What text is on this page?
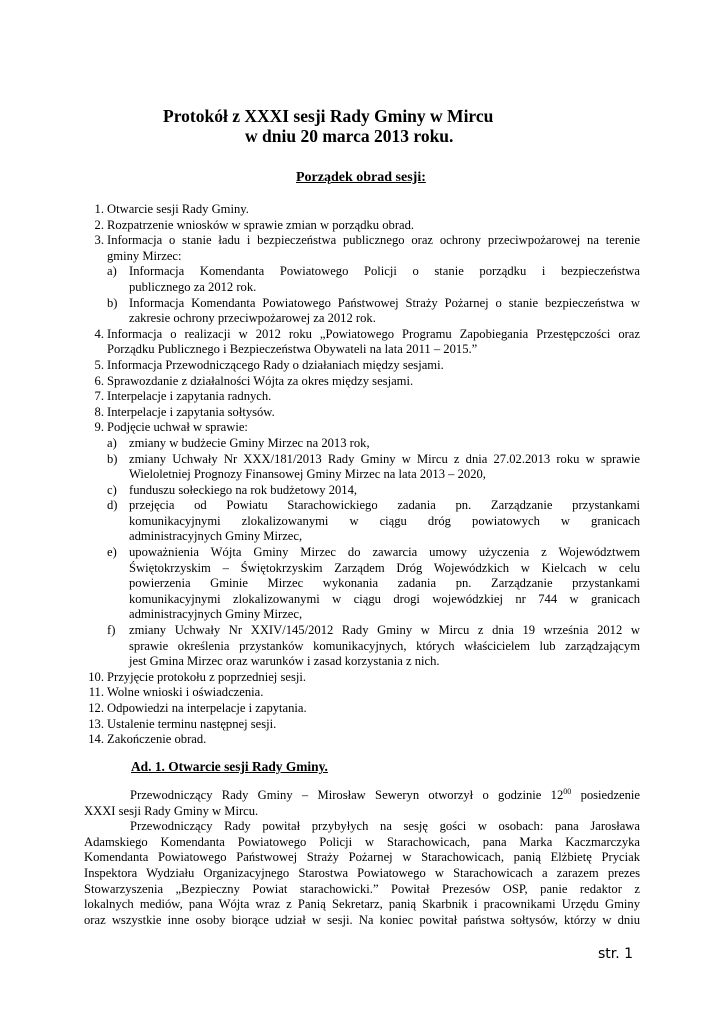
Protokół z XXXI sesji Rady Gminy w Mircu
w dniu 20 marca 2013 roku.
Porządek obrad sesji:
1. Otwarcie sesji Rady Gminy.
2. Rozpatrzenie wniosków w sprawie zmian w porządku obrad.
3. Informacja o stanie ładu i bezpieczeństwa publicznego oraz ochrony przeciwpożarowej na terenie
gminy Mirzec:
a) Informacja Komendanta Powiatowego Policji o stanie porządku i bezpieczeństwa
publicznego za 2012 rok.
b) Informacja Komendanta Powiatowego Państwowej Straży Pożarnej o stanie bezpieczeństwa w
zakresie ochrony przeciwpożarowej za 2012 rok.
4. Informacja o realizacji w 2012 roku „Powiatowego Programu Zapobiegania Przestępczości oraz
Porządku Publicznego i Bezpieczeństwa Obywateli na lata 2011 – 2015.”
5. Informacja Przewodniczącego Rady o działaniach między sesjami.
6. Sprawozdanie z działalności Wójta za okres między sesjami.
7. Interpelacje i zapytania radnych.
8. Interpelacje i zapytania sołtysów.
9. Podjęcie uchwał w sprawie:
a) zmiany w budżecie Gminy Mirzec na 2013 rok,
b) zmiany Uchwały Nr XXX/181/2013 Rady Gminy w Mircu z dnia 27.02.2013 roku w sprawie
Wieloletniej Prognozy Finansowej Gminy Mirzec na lata 2013 – 2020,
c) funduszu sołeckiego na rok budżetowy 2014,
d) przejęcia od Powiatu Starachowickiego zadania pn. Zarządzanie przystankami
komunikacyjnymi zlokalizowanymi w ciągu dróg powiatowych w granicach
administracyjnych Gminy Mirzec,
e) upoważnienia Wójta Gminy Mirzec do zawarcia umowy użyczenia z Województwem
Świętokrzyskim – Świętokrzyskim Zarządem Dróg Wojewódzkich w Kielcach w celu
powierzenia Gminie Mirzec wykonania zadania pn. Zarządzanie przystankami
komunikacyjnymi zlokalizowanymi w ciągu drogi wojewódzkiej nr 744 w granicach
administracyjnych Gminy Mirzec,
f) zmiany Uchwały Nr XXIV/145/2012 Rady Gminy w Mircu z dnia 19 września 2012 w
sprawie określenia przystanków komunikacyjnych, których właścicielem lub zarządzającym
jest Gmina Mirzec oraz warunków i zasad korzystania z nich.
10. Przyjęcie protokołu z poprzedniej sesji.
11. Wolne wnioski i oświadczenia.
12. Odpowiedzi na interpelacje i zapytania.
13. Ustalenie terminu następnej sesji.
14. Zakończenie obrad.
Ad. 1. Otwarcie sesji Rady Gminy.
Przewodniczący Rady Gminy – Mirosław Seweryn otworzył o godzinie $12^{00}$ posiedzenie
XXXI sesji Rady Gminy w Mircu.
Przewodniczący Rady powitał przybyłych na sesję gości w osobach: pana Jarosława
Adamskiego Komendanta Powiatowego Policji w Starachowicach, pana Marka Kaczmarczyka
Komendanta Powiatowego Państwowej Straży Pożarnej w Starachowicach, panią Elżbietę Pryciak
Inspektora Wydziału Organizacyjnego Starostwa Powiatowego w Starachowicach a zarazem prezes
Stowarzyszenia „Bezpieczny Powiat starachowicki.” Powitał Prezesów OSP, panie redaktor z
lokalnych mediów, pana Wójta wraz z Panią Sekretarz, panią Skarbnik i pracownikami Urzędu Gminy
oraz wszystkie inne osoby biorące udział w sesji. Na koniec powitał państwa sołtysów, którzy w dniu
str. 1
